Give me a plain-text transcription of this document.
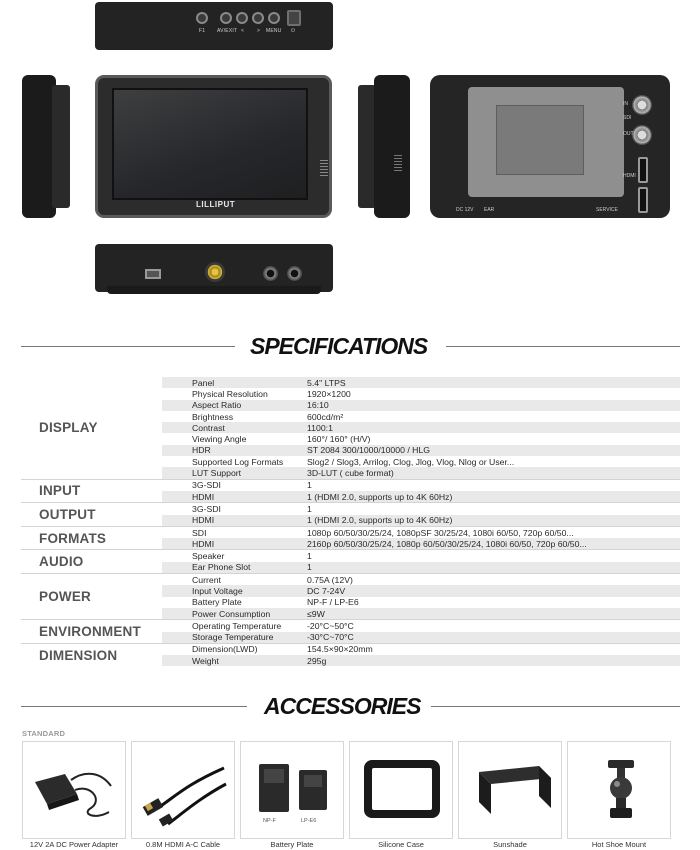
F1 AV/EXIT <	> MENU ⏻
LILLIPUT
IN
SDI
OUT
HDMI
DC 12V EAR	SERVICE
SPECIFICATIONS
DISPLAY
Panel	5.4" LTPS
Physical Resolution	1920×1200
Aspect Ratio	16:10
Brightness	600cd/m²
Contrast	1100:1
Viewing Angle	160°/ 160° (H/V)
HDR	ST 2084 300/1000/10000 / HLG
Supported Log Formats	Slog2 / Slog3, Arrilog, Clog, Jlog, Vlog, Nlog or User...
LUT Support	3D-LUT ( cube format)
INPUT	3G-SDI	1
HDMI	1 (HDMI 2.0, supports up to 4K 60Hz)
OUTPUT	3G-SDI	1
HDMI	1 (HDMI 2.0, supports up to 4K 60Hz)
FORMATS	SDI	1080p 60/50/30/25/24, 1080pSF 30/25/24, 1080i 60/50, 720p 60/50...
HDMI	2160p 60/50/30/25/24, 1080p 60/50/30/25/24, 1080i 60/50, 720p 60/50...
AUDIO	Speaker	1
Ear Phone Slot	1
POWER
Current	0.75A (12V)
Input Voltage	DC 7-24V
Battery Plate	NP-F / LP-E6
Power Consumption	≤9W
ENVIRONMENT	Operating Temperature	-20°C~50°C
Storage Temperature	-30°C~70°C
DIMENSION	Dimension(LWD)	154.5×90×20mm
Weight	295g
ACCESSORIES
STANDARD
NP-F	LP-E6
12V 2A DC Power Adapter	0.8M HDMI A-C Cable	Battery Plate	Silicone Case	Sunshade	Hot Shoe Mount
